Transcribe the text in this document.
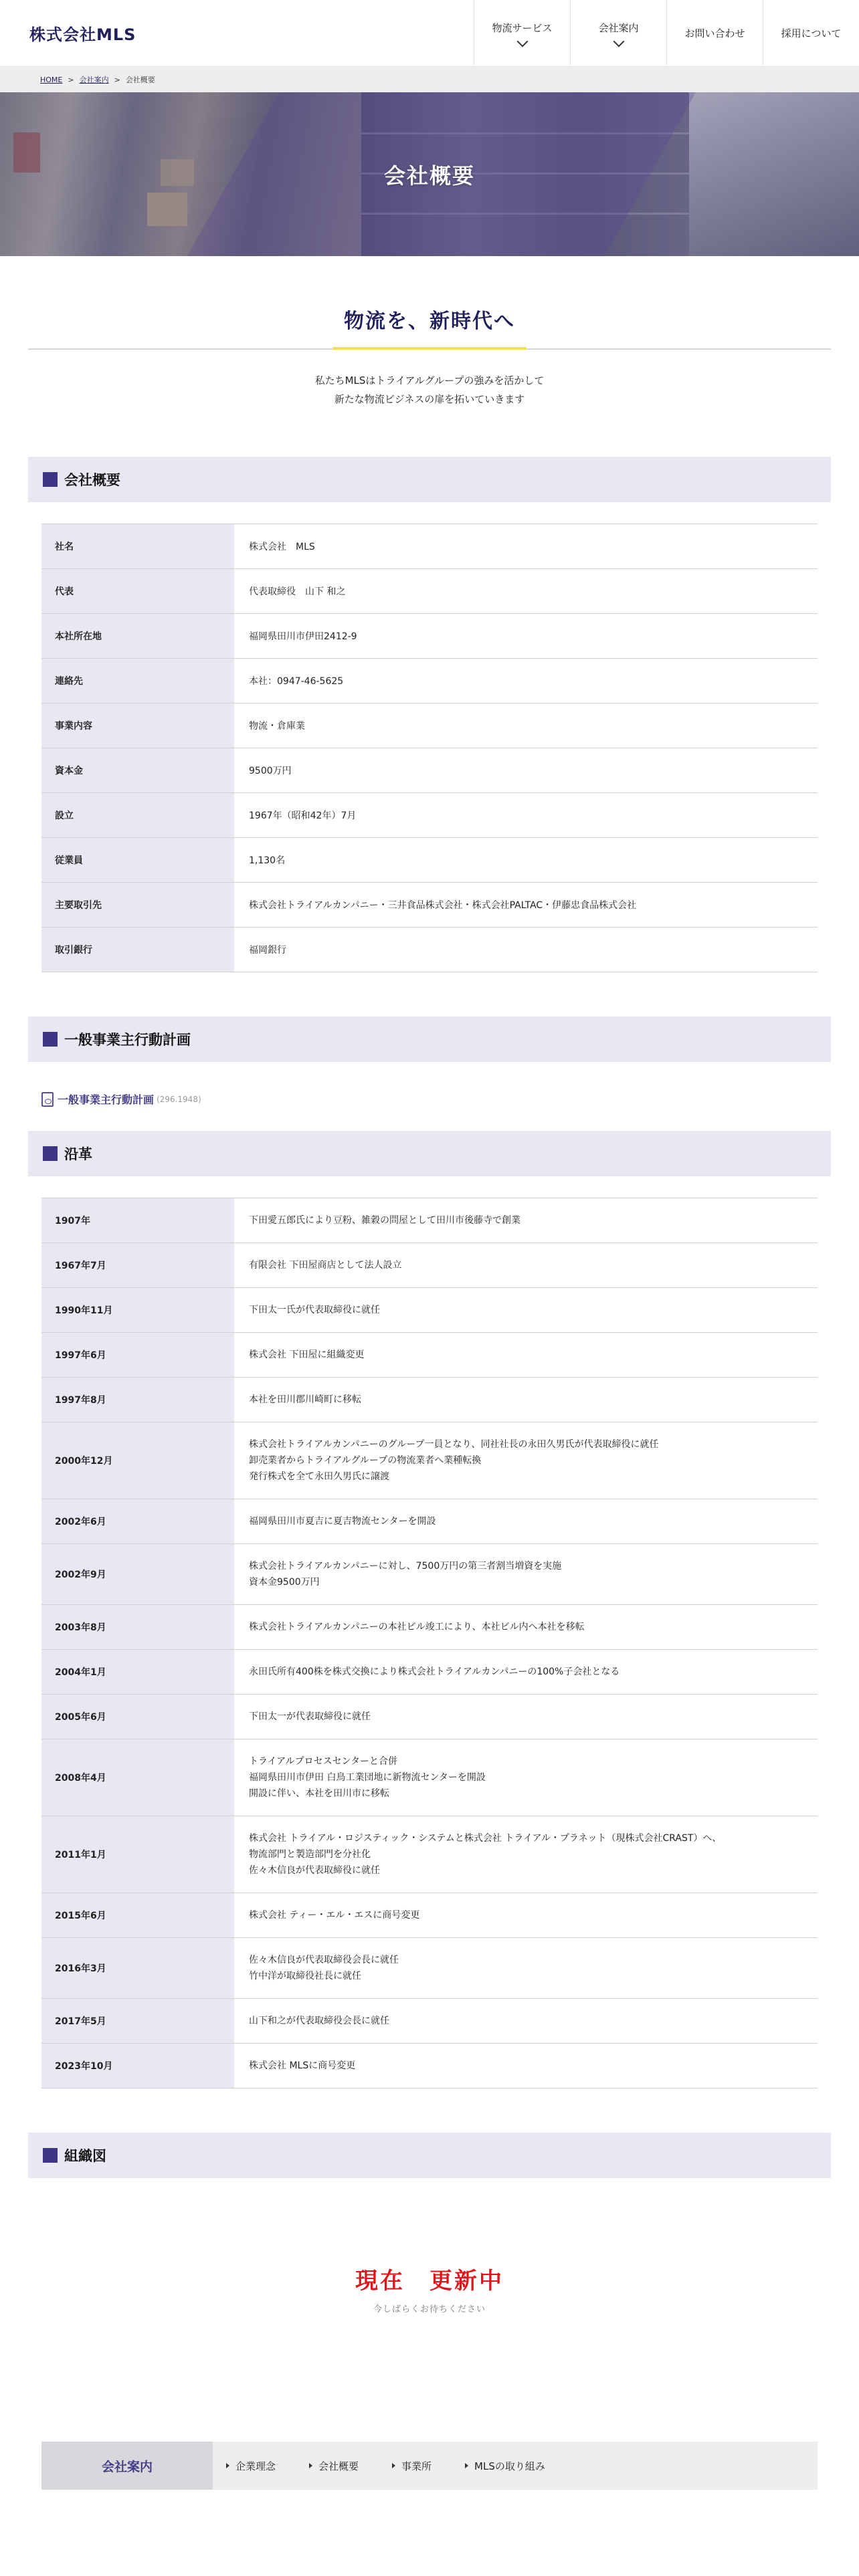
株式会社MLS	物流サービス	会社案内	お問い合わせ	採用について
HOME > 会社案内 > 会社概要
会社概要
物流を、新時代へ
私たちMLSはトライアルグループの強みを活かして
新たな物流ビジネスの扉を拓いていきます
会社概要
社名	株式会社　MLS
代表	代表取締役　山下 和之
本社所在地	福岡県田川市伊田2412-9
連絡先	本社：0947-46-5625
事業内容	物流・倉庫業
資本金	9500万円
設立	1967年（昭和42年）7月
従業員	1,130名
主要取引先	株式会社トライアルカンパニー・三井食品株式会社・株式会社PALTAC・伊藤忠食品株式会社
取引銀行	福岡銀行
一般事業主行動計画
一般事業主行動計画 (296.1948)
沿革
1907年	下田愛五郎氏により豆粉、雑穀の問屋として田川市後藤寺で創業

1967年7月	有限会社 下田屋商店として法人設立

1990年11月	下田太一氏が代表取締役に就任

1997年6月	株式会社 下田屋に組織変更

1997年8月	本社を田川郡川崎町に移転

2000年12月	株式会社トライアルカンパニーのグループ一員となり、同社社長の永田久男氏が代表取締役に就任
卸売業者からトライアルグループの物流業者へ業種転換
発行株式を全て永田久男氏に譲渡

2002年6月	福岡県田川市夏吉に夏吉物流センターを開設

2002年9月	株式会社トライアルカンパニーに対し、7500万円の第三者割当増資を実施
資本金9500万円

2003年8月	株式会社トライアルカンパニーの本社ビル竣工により、本社ビル内へ本社を移転

2004年1月	永田氏所有400株を株式交換により株式会社トライアルカンパニーの100%子会社となる

2005年6月	下田太一が代表取締役に就任

2008年4月	トライアルプロセスセンターと合併
福岡県田川市伊田 白鳥工業団地に新物流センターを開設
開設に伴い、本社を田川市に移転

2011年1月	株式会社 トライアル・ロジスティック・システムと株式会社 トライアル・プラネット（現株式会社CRAST）へ、
物流部門と製造部門を分社化
佐々木信良が代表取締役に就任

2015年6月	株式会社 ティー・エル・エスに商号変更

2016年3月	佐々木信良が代表取締役会長に就任
竹中洋が取締役社長に就任

2017年5月	山下和之が代表取締役会長に就任

2023年10月	株式会社 MLSに商号変更
組織図
現在　更新中

今しばらくお待ちください

会社案内	企業理念	会社概要	事業所	MLSの取り組み
